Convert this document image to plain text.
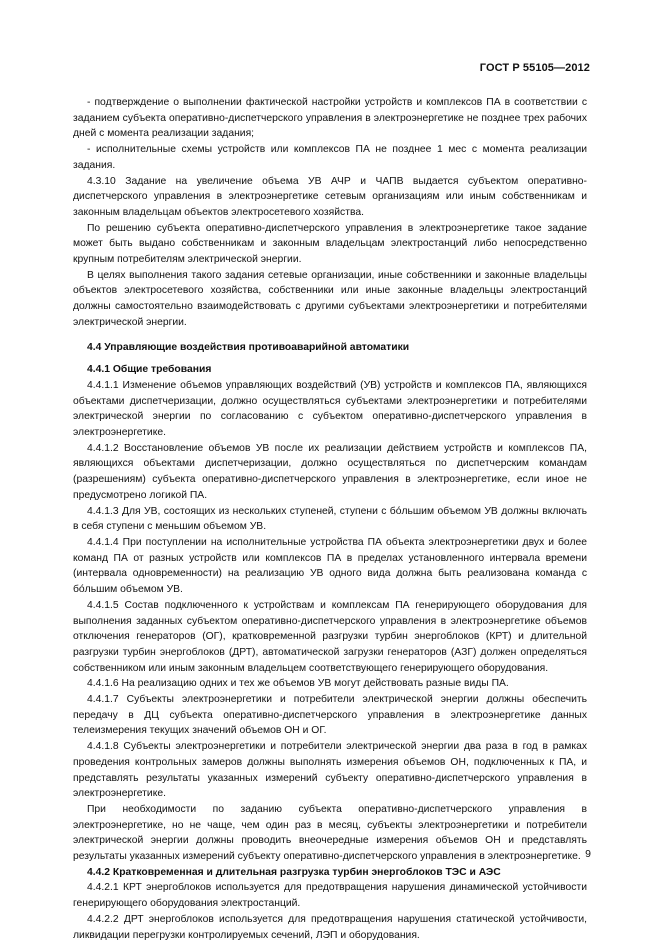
ГОСТ Р 55105—2012

- подтверждение о выполнении фактической настройки устройств и комплексов ПА в соответствии с заданием субъекта оперативно-диспетчерского управления в электроэнергетике не позднее трех рабочих дней с момента реализации задания;

- исполнительные схемы устройств или комплексов ПА не позднее 1 мес с момента реализации задания.

4.3.10 Задание на увеличение объема УВ АЧР и ЧАПВ выдается субъектом оперативно-диспетчерского управления в электроэнергетике сетевым организациям или иным собственникам и законным владельцам объектов электросетевого хозяйства.

По решению субъекта оперативно-диспетчерского управления в электроэнергетике такое задание может быть выдано собственникам и законным владельцам электростанций либо непосредственно крупным потребителям электрической энергии.

В целях выполнения такого задания сетевые организации, иные собственники и законные владельцы объектов электросетевого хозяйства, собственники или иные законные владельцы электростанций должны самостоятельно взаимодействовать с другими субъектами электроэнергетики и потребителями электрической энергии.

4.4 Управляющие воздействия противоаварийной автоматики

4.4.1 Общие требования

4.4.1.1 Изменение объемов управляющих воздействий (УВ) устройств и комплексов ПА, являющихся объектами диспетчеризации, должно осуществляться субъектами электроэнергетики и потребителями электрической энергии по согласованию с субъектом оперативно-диспетчерского управления в электроэнергетике.

4.4.1.2 Восстановление объемов УВ после их реализации действием устройств и комплексов ПА, являющихся объектами диспетчеризации, должно осуществляться по диспетчерским командам (разрешениям) субъекта оперативно-диспетчерского управления в электроэнергетике, если иное не предусмотрено логикой ПА.

4.4.1.3 Для УВ, состоящих из нескольких ступеней, ступени с бо́льшим объемом УВ должны включать в себя ступени с меньшим объемом УВ.

4.4.1.4 При поступлении на исполнительные устройства ПА объекта электроэнергетики двух и более команд ПА от разных устройств или комплексов ПА в пределах установленного интервала времени (интервала одновременности) на реализацию УВ одного вида должна быть реализована команда с бо́льшим объемом УВ.

4.4.1.5 Состав подключенного к устройствам и комплексам ПА генерирующего оборудования для выполнения заданных субъектом оперативно-диспетчерского управления в электроэнергетике объемов отключения генераторов (ОГ), кратковременной разгрузки турбин энергоблоков (КРТ) и длительной разгрузки турбин энергоблоков (ДРТ), автоматической загрузки генераторов (АЗГ) должен определяться собственником или иным законным владельцем соответствующего генерирующего оборудования.

4.4.1.6 На реализацию одних и тех же объемов УВ могут действовать разные виды ПА.

4.4.1.7 Субъекты электроэнергетики и потребители электрической энергии должны обеспечить передачу в ДЦ субъекта оперативно-диспетчерского управления в электроэнергетике данных телеизмерения текущих значений объемов ОН и ОГ.

4.4.1.8 Субъекты электроэнергетики и потребители электрической энергии два раза в год в рамках проведения контрольных замеров должны выполнять измерения объемов ОН, подключенных к ПА, и представлять результаты указанных измерений субъекту оперативно-диспетчерского управления в электроэнергетике.

При необходимости по заданию субъекта оперативно-диспетчерского управления в электроэнергетике, но не чаще, чем один раз в месяц, субъекты электроэнергетики и потребители электрической энергии должны проводить внеочередные измерения объемов ОН и представлять результаты указанных измерений субъекту оперативно-диспетчерского управления в электроэнергетике.

4.4.2 Кратковременная и длительная разгрузка турбин энергоблоков ТЭС и АЭС

4.4.2.1 КРТ энергоблоков используется для предотвращения нарушения динамической устойчивости генерирующего оборудования электростанций.

4.4.2.2 ДРТ энергоблоков используется для предотвращения нарушения статической устойчивости, ликвидации перегрузки контролируемых сечений, ЛЭП и оборудования.

9
